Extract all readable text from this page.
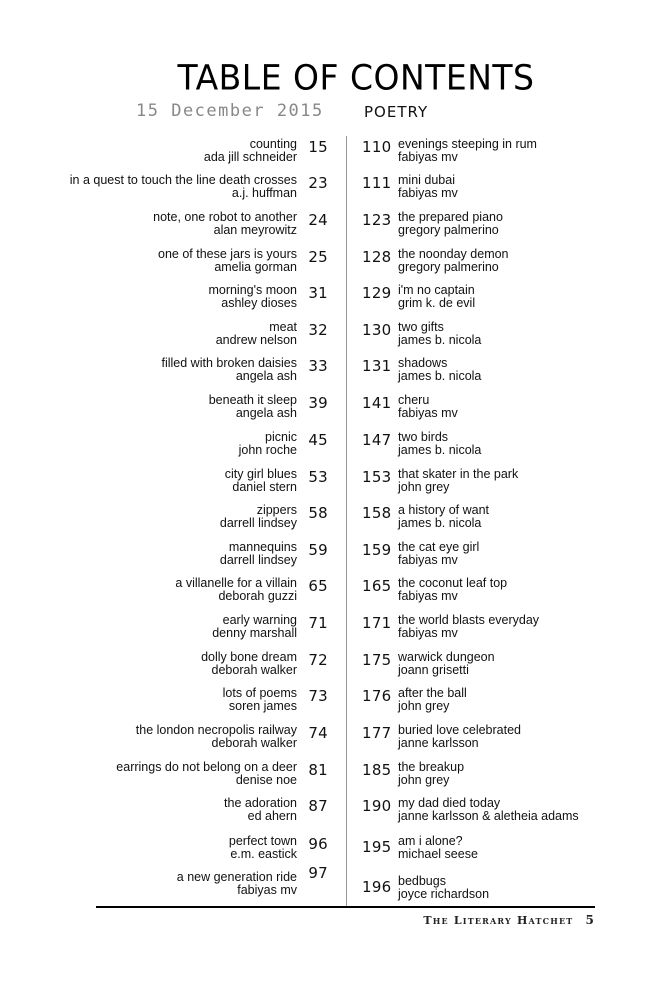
TABLE OF CONTENTS
15 December 2015	POETRY
counting
ada jill schneider
15
in a quest to touch the line death crosses
a.j. huffman
23
note, one robot to another
alan meyrowitz
24
one of these jars is yours
amelia gorman
25
morning's moon
ashley dioses
31
meat
andrew nelson
32
filled with broken daisies
angela ash
33
beneath it sleep
angela ash
39
picnic
john roche
45
city girl blues
daniel stern
53
zippers
darrell lindsey
58
mannequins
darrell lindsey
59
a villanelle for a villain
deborah guzzi
65
early warning
denny marshall
71
dolly bone dream
deborah walker
72
lots of poems
soren james
73
the london necropolis railway
deborah walker
74
earrings do not belong on a deer
denise noe
81
the adoration
ed ahern
87
perfect town
e.m. eastick
96
a new generation ride
fabiyas mv
97
evenings steeping in rum
fabiyas mv
110
mini dubai
fabiyas mv
111
the prepared piano
gregory palmerino
123
the noonday demon
gregory palmerino
128
i'm no captain
grim k. de evil
129
two gifts
james b. nicola
130
shadows
james b. nicola
131
cheru
fabiyas mv
141
two birds
james b. nicola
147
that skater in the park
john grey
153
a history of want
james b. nicola
158
the cat eye girl
fabiyas mv
159
the coconut leaf top
fabiyas mv
165
the world blasts everyday
fabiyas mv
171
warwick dungeon
joann grisetti
175
after the ball
john grey
176
buried love celebrated
janne karlsson
177
the breakup
john grey
185
my dad died today
janne karlsson & aletheia adams
190
am i alone?
michael seese
195
bedbugs
joyce richardson
196
The Literary Hatchet 5
